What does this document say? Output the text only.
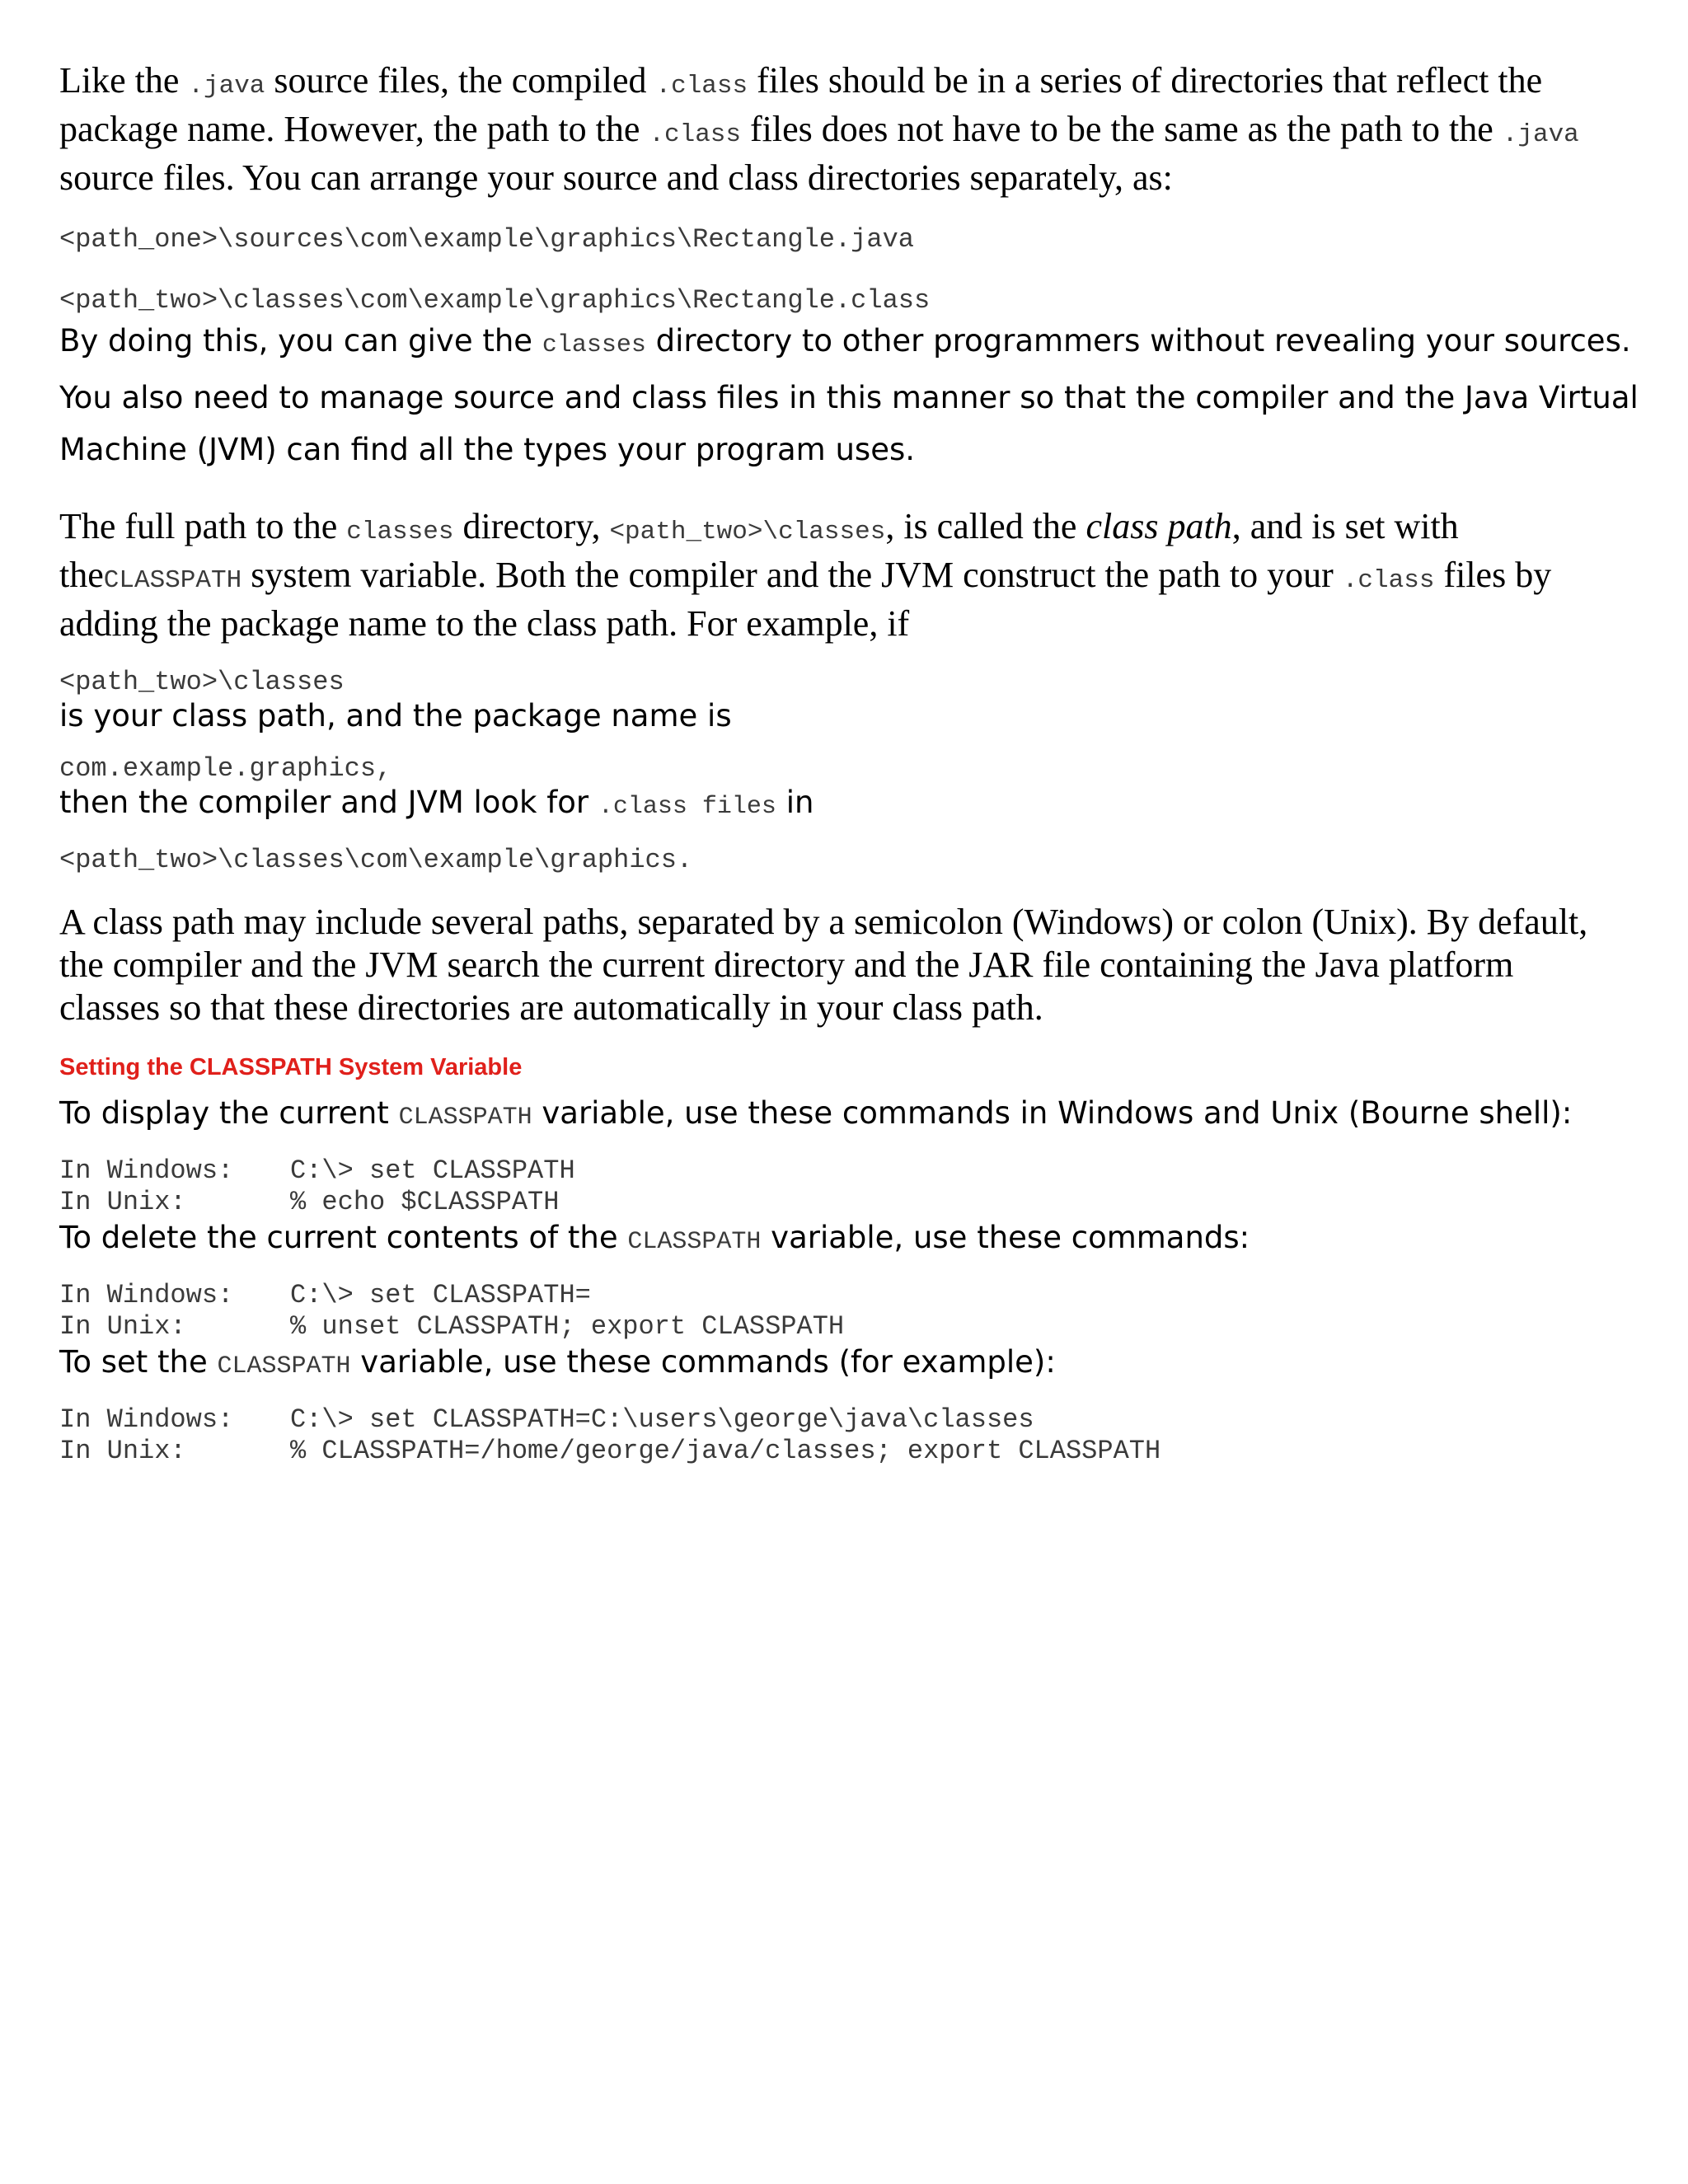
Like the .java source files, the compiled .class files should be in a series of directories that reflect the package name. However, the path to the .class files does not have to be the same as the path to the .java source files. You can arrange your source and class directories separately, as:

<path_one>\sources\com\example\graphics\Rectangle.java

<path_two>\classes\com\example\graphics\Rectangle.class

By doing this, you can give the classes directory to other programmers without revealing your sources. You also need to manage source and class files in this manner so that the compiler and the Java Virtual Machine (JVM) can find all the types your program uses.

The full path to the classes directory, <path_two>\classes, is called the class path, and is set with theCLASSPATH system variable. Both the compiler and the JVM construct the path to your .class files by adding the package name to the class path. For example, if

<path_two>\classes

is your class path, and the package name is

com.example.graphics,

then the compiler and JVM look for .class files in

<path_two>\classes\com\example\graphics.

A class path may include several paths, separated by a semicolon (Windows) or colon (Unix). By default, the compiler and the JVM search the current directory and the JAR file containing the Java platform classes so that these directories are automatically in your class path.

Setting the CLASSPATH System Variable

To display the current CLASSPATH variable, use these commands in Windows and Unix (Bourne shell):

In Windows:	C:\> set CLASSPATH
In Unix:	% echo $CLASSPATH

To delete the current contents of the CLASSPATH variable, use these commands:

In Windows:	C:\> set CLASSPATH=
In Unix:	% unset CLASSPATH; export CLASSPATH

To set the CLASSPATH variable, use these commands (for example):

In Windows:	C:\> set CLASSPATH=C:\users\george\java\classes
In Unix:	% CLASSPATH=/home/george/java/classes; export CLASSPATH
